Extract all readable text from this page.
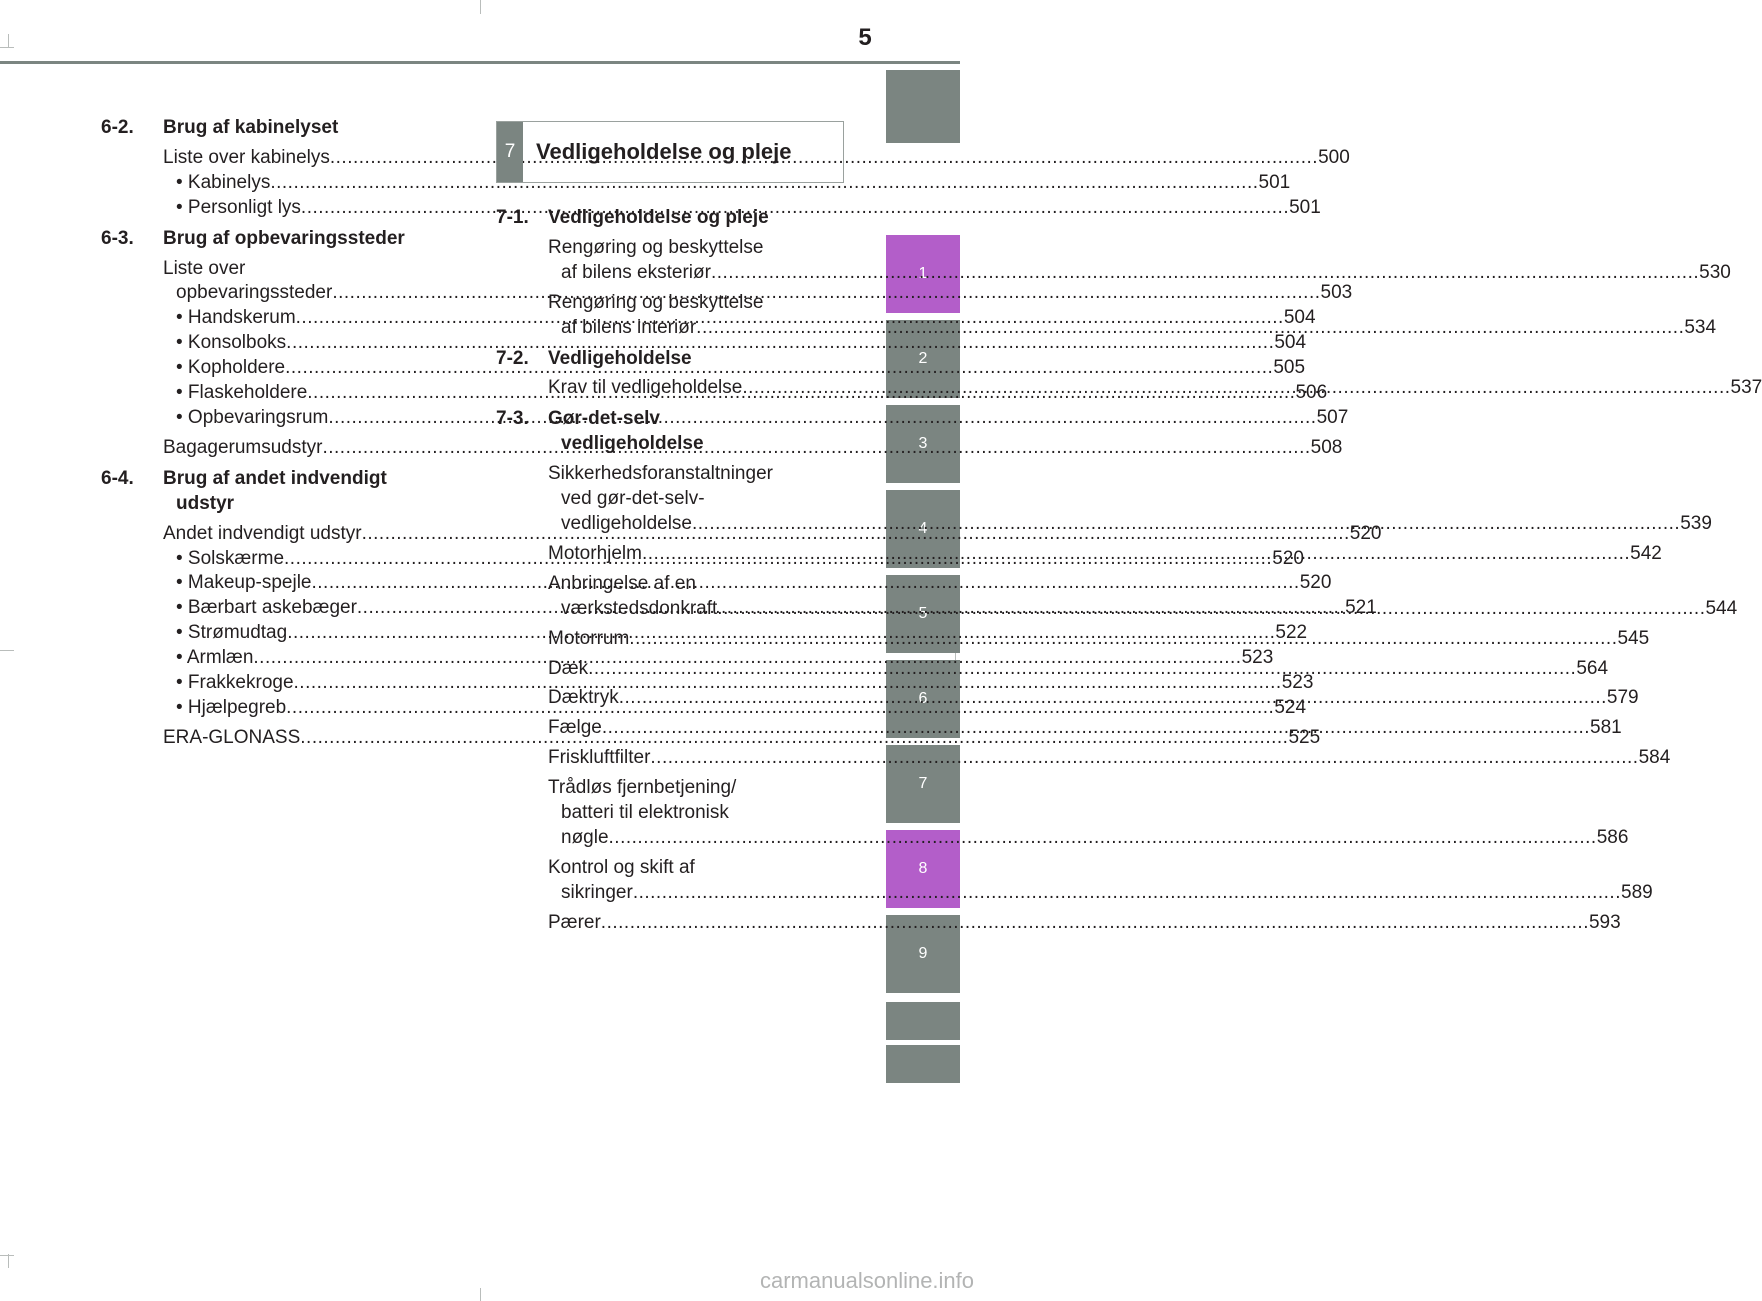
5
1
2
3
4
5
6
7
8
9
6-2.	Brug af kabinelyset
Liste over kabinelys .....	500
• Kabinelys .....	501
• Personligt lys .....	501
6-3.	Brug af opbevaringssteder
Liste over
opbevaringssteder .....	503
• Handskerum .....	504
• Konsolboks .....	504
• Kopholdere .....	505
• Flaskeholdere .....	506
• Opbevaringsrum .....	507
Bagagerumsudstyr .....	508
6-4.	Brug af andet indvendigt
udstyr
Andet indvendigt udstyr .....	520
• Solskærme .....	520
• Makeup-spejle .....	520
• Bærbart askebæger .....	521
• Strømudtag .....	522
• Armlæn .....	523
• Frakkekroge .....	523
• Hjælpegreb .....	524
ERA-GLONASS .....	525
7 Vedligeholdelse og pleje
7-1.	Vedligeholdelse og pleje
Rengøring og beskyttelse
af bilens eksteriør .....	530
Rengøring og beskyttelse
af bilens interiør .....	534
7-2.	Vedligeholdelse
Krav til vedligeholdelse .....	537
7-3.	Gør-det-selv
vedligeholdelse
Sikkerhedsforanstaltninger
ved gør-det-selv-
vedligeholdelse .....	539
Motorhjelm .....	542
Anbringelse af en
værkstedsdonkraft .....	544
Motorrum .....	545
Dæk .....	564
Dæktryk .....	579
Fælge .....	581
Friskluftfilter .....	584
Trådløs fjernbetjening/
batteri til elektronisk
nøgle .....	586
Kontrol og skift af
sikringer .....	589
Pærer .....	593
carmanualsonline.info
